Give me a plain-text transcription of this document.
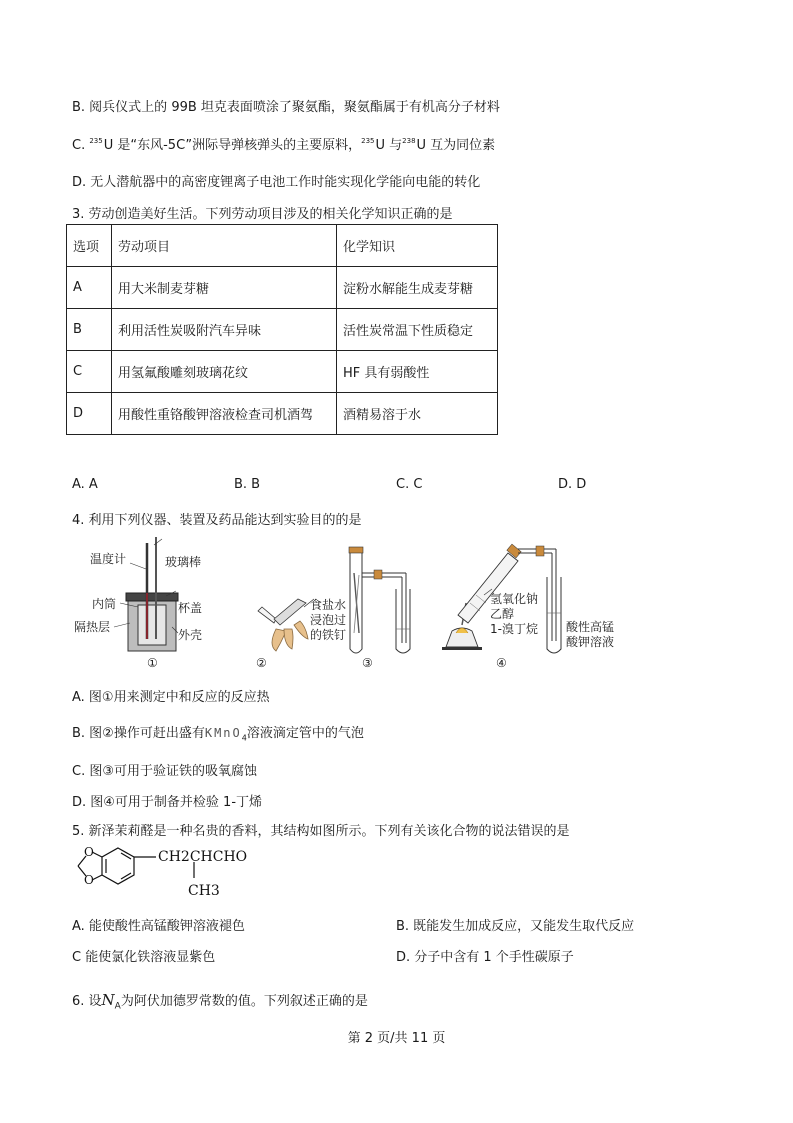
B. 阅兵仪式上的 99B 坦克表面喷涂了聚氨酯，聚氨酯属于有机高分子材料
C. $^{235}$U 是“东风-5C”洲际导弹核弹头的主要原料，$^{235}$U 与$^{238}$U 互为同位素
D. 无人潜航器中的高密度锂离子电池工作时能实现化学能向电能的转化
3. 劳动创造美好生活。下列劳动项目涉及的相关化学知识正确的是
选项	劳动项目	化学知识
A	用大米制麦芽糖	淀粉水解能生成麦芽糖
B	利用活性炭吸附汽车异味	活性炭常温下性质稳定
C	用氢氟酸雕刻玻璃花纹	HF 具有弱酸性
D	用酸性重铬酸钾溶液检查司机酒驾	酒精易溶于水
A. A	B. B	C. C	D. D
4. 利用下列仪器、装置及药品能达到实验目的的是
温度计	玻璃棒
内筒	杯盖
隔热层
外壳
①	②
食盐水
浸泡过
的铁钉
③
氢氧化钠
乙醇
1-溴丁烷 酸性高锰
酸钾溶液
④
A. 图①用来测定中和反应的反应热
B. 图②操作可赶出盛有KMnO$_4$溶液滴定管中的气泡
C. 图③可用于验证铁的吸氧腐蚀
D. 图④可用于制备并检验 1-丁烯
5. 新泽茉莉醛是一种名贵的香料，其结构如图所示。下列有关该化合物的说法错误的是
O
O
CH2CHCHO
CH3
A. 能使酸性高锰酸钾溶液褪色	B. 既能发生加成反应，又能发生取代反应
C 能使氯化铁溶液显紫色	D. 分子中含有 1 个手性碳原子
6. 设$N_A$为阿伏加德罗常数的值。下列叙述正确的是
第 2 页/共 11 页
